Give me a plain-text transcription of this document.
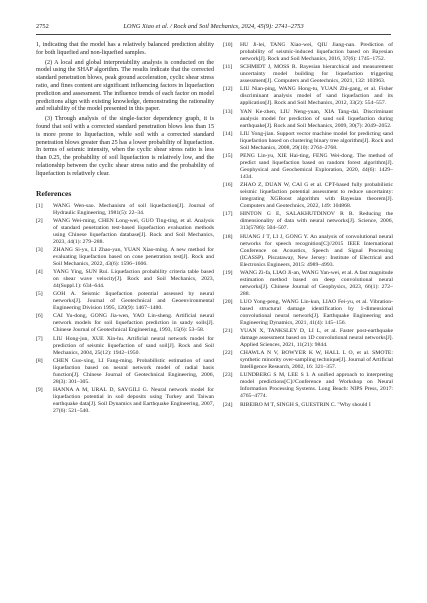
2752	LONG Xiao et al. / Rock and Soil Mechanics, 2024, 45(9): 2741–2753

1, indicating that the model has a relatively balanced prediction ability for both liquefied and non-liquefied samples.

(2) A local and global interpretability analysis is conducted on the model using the SHAP algorithm. The results indicate that the corrected standard penetration blows, peak ground acceleration, cyclic shear stress ratio, and fines content are significant influencing factors in liquefaction prediction and assessment. The influence trends of each factor on model predictions align with existing knowledge, demonstrating the rationality and reliability of the model presented in this paper.

(3) Through analysis of the single-factor dependency graph, it is found that soil with a corrected standard penetration blows less than 15 is more prone to liquefaction, while soil with a corrected standard penetration blows greater than 25 has a lower probability of liquefaction. In terms of seismic intensity, when the cyclic shear stress ratio is less than 0.25, the probability of soil liquefaction is relatively low, and the relationship between the cyclic shear stress ratio and the probability of liquefaction is relatively clear.

References
[1]	WANG Wen-sao. Mechanism of soil liquefaction[J]. Journal of Hydraulic Engineering, 1981(5): 22–34.
[2]	WANG Wei-ming, CHEN Long-wei, GUO Ting-ting, et al. Analysis of standard penetration test-based liquefaction evaluation methods using Chinese liquefaction database[J]. Rock and Soil Mechanics, 2023, 44(1): 279–288.
[3]	ZHANG Si-yu, LI Zhao-yan, YUAN Xiao-ming. A new method for evaluating liquefaction based on cone penetration test[J]. Rock and Soil Mechanics, 2022, 43(6): 1596–1606.
[4]	YANG Ying, SUN Rui. Liquefaction probability criteria table based on shear wave velocity[J]. Rock and Soil Mechanics, 2023, 44(Suppl.1): 634–644.
[5]	GOH A. Seismic liquefaction potential assessed by neural networks[J]. Journal of Geotechnical and Geoenvironmental Engineering Division 1995, 120(9): 1467–1480.
[6]	CAI Yu-dong, GONG Jia-wen, YAO Lin-sheng. Artificial neural network models for soil liquefaction prediction in sandy soils[J]. Chinese Journal of Geotechnical Engineering, 1993, 15(6): 53–58.
[7]	LIU Hong-jun, XUE Xin-hu. Artificial neural network model for prediction of seismic liquefaction of sand soil[J]. Rock and Soil Mechanics, 2004, 25(12): 1942–1950.
[8]	CHEN Guo-xing, LI Fang-ming. Probabilistic estimation of sand liquefaction based on neural network model of radial basis function[J]. Chinese Journal of Geotechnical Engineering, 2006, 28(3): 301–305.
[9]	HANNA A M, URAL D, SAYGILI G. Neural network model for liquefaction potential in soil deposits using Turkey and Taiwan earthquake data[J]. Soil Dynamics and Earthquake Engineering, 2007, 27(6): 521–540.
[10]	HU Ji-lei, TANG Xiao-wei, QIU Jiang-nan. Prediction of probability of seismic-induced liquefaction based on Bayesian network[J]. Rock and Soil Mechanics, 2016, 37(6): 1745–1752.
[11]	SCHMIDT J, MOSS R. Bayesian hierarchical and measurement uncertainty model building for liquefaction triggering assessment[J]. Computers and Geotechnics, 2021, 132: 103963.
[12]	LIU Nian-ping, WANG Hong-tu, YUAN Zhi-gang, et al. Fisher discriminant analysis model of sand liquefaction and its application[J]. Rock and Soil Mechanics, 2012, 33(2): 554–557.
[13]	YAN Ke-zhen, LIU Neng-yuan, XIA Tang-dai. Discriminant analysis model for prediction of sand soil liquefaction during earthquake[J]. Rock and Soil Mechanics, 2009, 30(7): 2049–2052.
[14]	LIU Yong-jian. Support vector machine model for predicting sand liquefaction based on clustering binary tree algorithm[J]. Rock and Soil Mechanics, 2008, 29(10): 2764–2768.
[15]	PENG Lin-yu, XIE Hai-ting, FENG Wei-dong. The method of predict sand liquefaction based on random forest algorithm[J]. Geophysical and Geochemical Exploration, 2020, 44(6): 1429–1434.
[16]	ZHAO Z, DUAN W, CAI G et al. CPT-based fully probabilistic seismic liquefaction potential assessment to reduce uncertainty: integrating XGBoost algorithm with Bayesian theorem[J]. Computers and Geotechnics, 2022, 149: 104868.
[17]	HINTON G E, SALAKHUTDINOV R R. Reducing the dimensionality of data with neural networks[J]. Science, 2006, 313(5786): 504–507.
[18]	HUANG J T, LI J, GONG Y. An analysis of convolutional neural networks for speech recognition[C]//2015 IEEE International Conference on Acoustics, Speech and Signal Processing (ICASSP). Piscataway, New Jersey: Institute of Electrical and Electronics Engineers, 2015: 4989–4993.
[19]	WANG Zi-fa, LIAO Ji-an, WANG Yan-wei, et al. A fast magnitude estimation method based on deep convolutional neural networks[J]. Chinese Journal of Geophysics, 2023, 66(1): 272–288.
[20]	LUO Yong-peng, WANG Lin-kun, LIAO Fei-yu, et al. Vibration-based structural damage identification by 1-dimensional convolutional neural network[J]. Earthquake Engineering and Engineering Dynamics, 2021, 41(4): 145–156.
[21]	YUAN X, TANKSLEY D, LI L, et al. Faster post-earthquake damage assessment based on 1D convolutional neural networks[J]. Applied Sciences, 2021, 11(21): 9844.
[22]	CHAWLA N V, BOWYER K W, HALL L O, et al. SMOTE: synthetic minority over-sampling technique[J]. Journal of Artificial Intelligence Research, 2002, 16: 321–357.
[23]	LUNDBERG S M, LEE S I. A unified approach to interpreting model predictions[C]//Conference and Workshop on Neural Information Processing Systems. Long Beach: NIPS Press, 2017: 4765–4774.
[24]	RIBEIRO M T, SINGH S, GUESTRIN C. "Why should I
